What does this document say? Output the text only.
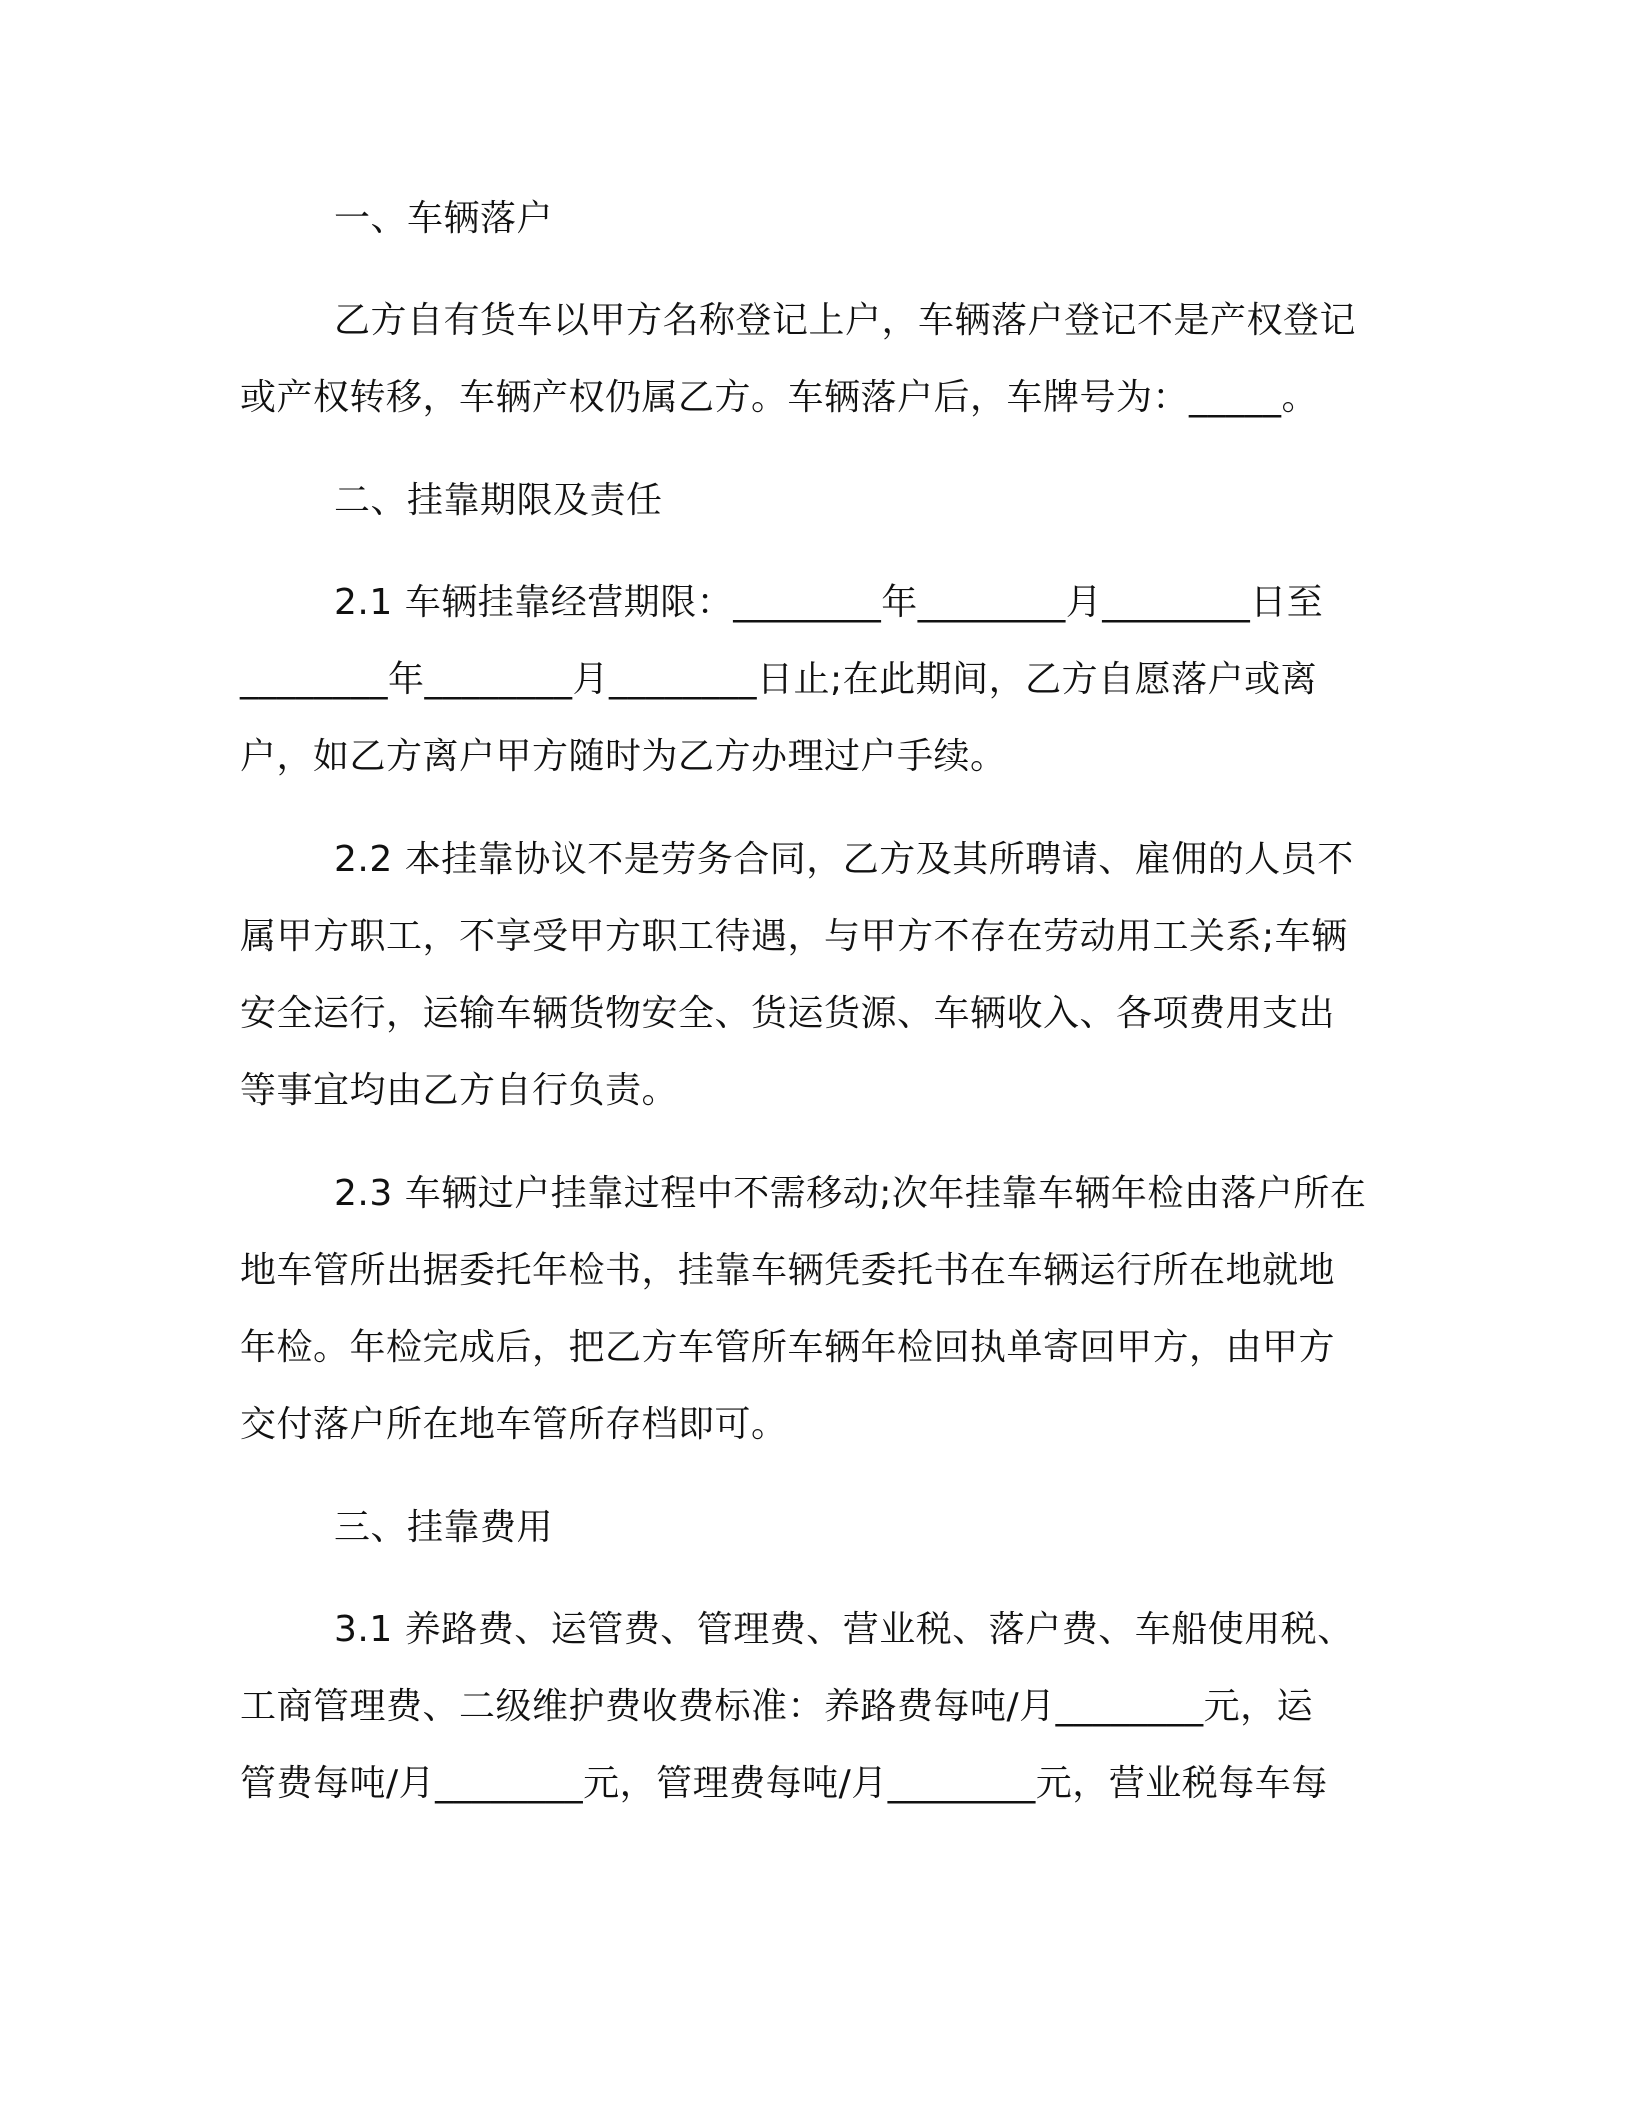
一、车辆落户
乙方自有货车以甲方名称登记上户，车辆落户登记不是产权登记
或产权转移，车辆产权仍属乙方。车辆落户后，车牌号为：_____。
二、挂靠期限及责任
2.1 车辆挂靠经营期限：________年________月________日至
________年________月________日止;在此期间，乙方自愿落户或离
户，如乙方离户甲方随时为乙方办理过户手续。
2.2 本挂靠协议不是劳务合同，乙方及其所聘请、雇佣的人员不
属甲方职工，不享受甲方职工待遇，与甲方不存在劳动用工关系;车辆
安全运行，运输车辆货物安全、货运货源、车辆收入、各项费用支出
等事宜均由乙方自行负责。
2.3 车辆过户挂靠过程中不需移动;次年挂靠车辆年检由落户所在
地车管所出据委托年检书，挂靠车辆凭委托书在车辆运行所在地就地
年检。年检完成后，把乙方车管所车辆年检回执单寄回甲方，由甲方
交付落户所在地车管所存档即可。
三、挂靠费用
3.1 养路费、运管费、管理费、营业税、落户费、车船使用税、
工商管理费、二级维护费收费标准：养路费每吨/月________元，运
管费每吨/月________元，管理费每吨/月________元，营业税每车每
